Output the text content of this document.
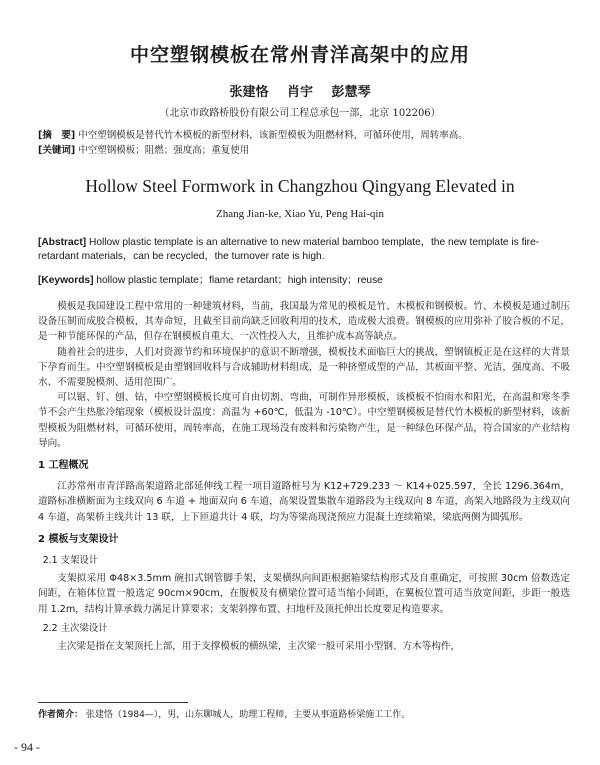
中空塑钢模板在常州青洋高架中的应用
张建恪 肖宇 彭慧琴
（北京市政路桥股份有限公司工程总承包一部，北京 102206）
[摘　要] 中空塑钢模板是替代竹木模板的新型材料，该新型模板为阻燃材料，可循环使用，周转率高。
[关键词] 中空塑钢模板；阻燃；强度高；重复使用
Hollow Steel Formwork in Changzhou Qingyang Elevated in
Zhang Jian-ke, Xiao Yu, Peng Hai-qin
[Abstract] Hollow plastic template is an alternative to new material bamboo template，the new template is fire-retardant materials，can be recycled，the turnover rate is high.
[Keywords] hollow plastic template；flame retardant；high intensity；reuse

模板是我国建设工程中常用的一种建筑材料，当前，我国最为常见的模板是竹、木模板和钢模板。竹、木模板是通过制压设备压制而成胶合模板，其寿命短，且截至目前尚缺乏回收利用的技术，造成极大浪费。钢模板的应用弥补了胶合板的不足，是一种节能环保的产品，但存在钢模板自重大、一次性投入大，且维护成本高等缺点。

随着社会的进步，人们对资源节约和环境保护的意识不断增强，模板技术面临巨大的挑战，塑钢镇板正是在这样的大背景下孕育而生。中空塑钢模板是由塑钢回收料与合成辅助材料组成，是一种挤塑成型的产品，其板面平整、光洁，强度高、不吸水、不需要脱模剂、适用范围广。

可以锯、钉、刨、钻，中空塑钢模板长度可自由切割、弯曲，可制作异形模板，该模板不怕雨水和阳光，在高温和寒冬季节不会产生热胀冷缩现象（模板设计温度：高温为 +60℃，低温为 -10℃）。中空塑钢模板是替代竹木模板的新型材料，该新型模板为阻燃材料，可循环使用，周转率高，在施工现场没有废料和污染物产生，是一种绿色环保产品，符合国家的产业结构导向。

1 工程概况

江苏常州市青洋路高架道路北部延伸线工程一项目道路桩号为 K12+729.233 ～ K14+025.597，全长 1296.364m，道路标准横断面为主线双向 6 车道 + 地面双向 6 车道，高架设置集散车道路段为主线双向 8 车道，高架入地路段为主线双向 4 车道，高架桥主线共计 13 联，上下匝道共计 4 联，均为等梁高现浇预应力混凝土连续箱梁，梁底两侧为圆弧形。

2 模板与支架设计
2.1 支架设计

支架拟采用 Φ48×3.5mm 碗扣式钢管脚手架，支架横纵向间距根据箱梁结构形式及自重确定，可按照 30cm 倍数选定间距，在箱体位置一般选定 90cm×90cm，在腹板及有横梁位置可适当缩小间距，在翼板位置可适当放宽间距，步距一般选用 1.2m，结构计算承载力满足计算要求；支架斜撑布置、扫地杆及顶托伸出长度要足构造要求。

2.2 主次梁设计

主次梁是指在支架顶托上部，用于支撑模板的横纵梁，主次梁一般可采用小型钢、方木等构件，

作者简介： 张建恪（1984—），男，山东聊城人，助理工程师，主要从事道路桥梁施工工作。
- 94 -
